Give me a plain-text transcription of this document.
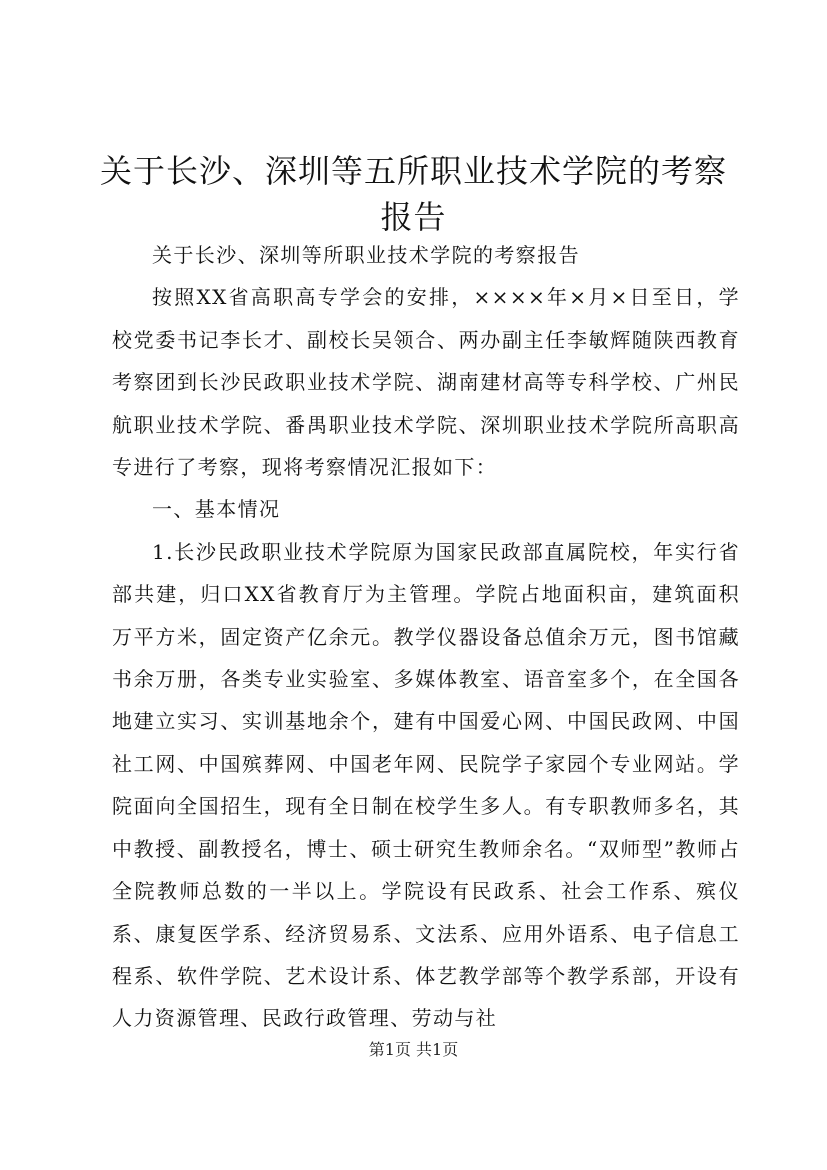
关于长沙、深圳等五所职业技术学院的考察报告

关于长沙、深圳等所职业技术学院的考察报告

按照XX省高职高专学会的安排，××××年×月×日至日，学校党委书记李长才、副校长吴领合、两办副主任李敏辉随陕西教育考察团到长沙民政职业技术学院、湖南建材高等专科学校、广州民航职业技术学院、番禺职业技术学院、深圳职业技术学院所高职高专进行了考察，现将考察情况汇报如下：

一、基本情况

1.长沙民政职业技术学院原为国家民政部直属院校，年实行省部共建，归口XX省教育厅为主管理。学院占地面积亩，建筑面积万平方米，固定资产亿余元。教学仪器设备总值余万元，图书馆藏书余万册，各类专业实验室、多媒体教室、语音室多个，在全国各地建立实习、实训基地余个，建有中国爱心网、中国民政网、中国社工网、中国殡葬网、中国老年网、民院学子家园个专业网站。学院面向全国招生，现有全日制在校学生多人。有专职教师多名，其中教授、副教授名，博士、硕士研究生教师余名。“双师型”教师占全院教师总数的一半以上。学院设有民政系、社会工作系、殡仪系、康复医学系、经济贸易系、文法系、应用外语系、电子信息工程系、软件学院、艺术设计系、体艺教学部等个教学系部，开设有人力资源管理、民政行政管理、劳动与社

第1页 共1页
